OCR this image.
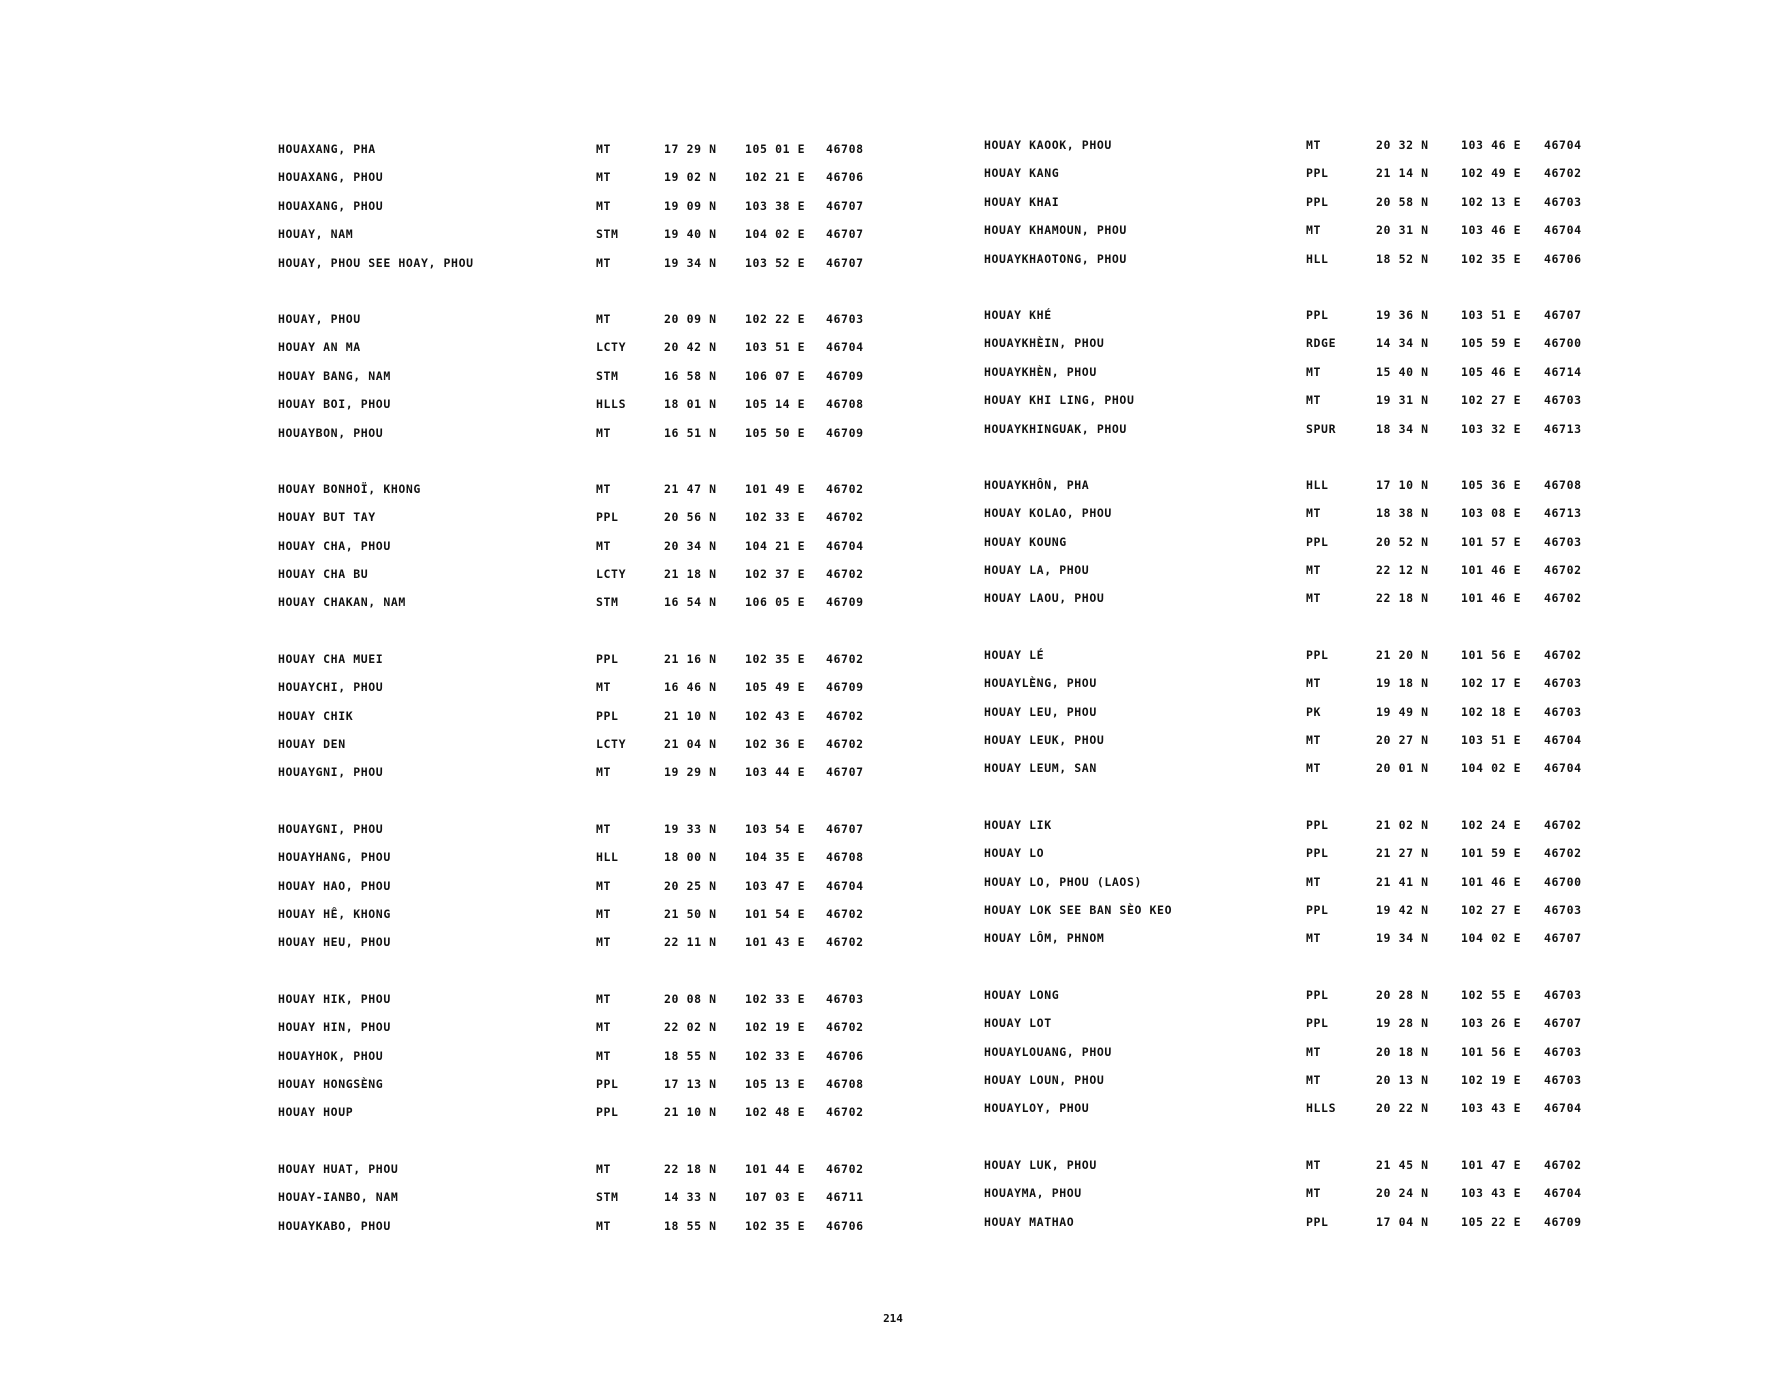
HOUAXANG, PHA	MT	17 29 N 105 01 E 46708
HOUAXANG, PHOU	MT	19 02 N 102 21 E 46706
HOUAXANG, PHOU	MT	19 09 N 103 38 E 46707
HOUAY, NAM	STM	19 40 N 104 02 E 46707
HOUAY, PHOU SEE HOAY, PHOU	MT	19 34 N 103 52 E 46707
HOUAY, PHOU	MT	20 09 N 102 22 E 46703
HOUAY AN MA	LCTY	20 42 N 103 51 E 46704
HOUAY BANG, NAM	STM	16 58 N 106 07 E 46709
HOUAY BOI, PHOU	HLLS	18 01 N 105 14 E 46708
HOUAYBON, PHOU	MT	16 51 N 105 50 E 46709
HOUAY BONHOÏ, KHONG	MT	21 47 N 101 49 E 46702
HOUAY BUT TAY	PPL	20 56 N 102 33 E 46702
HOUAY CHA, PHOU	MT	20 34 N 104 21 E 46704
HOUAY CHA BU	LCTY	21 18 N 102 37 E 46702
HOUAY CHAKAN, NAM	STM	16 54 N 106 05 E 46709
HOUAY CHA MUEI	PPL	21 16 N 102 35 E 46702
HOUAYCHI, PHOU	MT	16 46 N 105 49 E 46709
HOUAY CHIK	PPL	21 10 N 102 43 E 46702
HOUAY DEN	LCTY	21 04 N 102 36 E 46702
HOUAYGNI, PHOU	MT	19 29 N 103 44 E 46707
HOUAYGNI, PHOU	MT	19 33 N 103 54 E 46707
HOUAYHANG, PHOU	HLL	18 00 N 104 35 E 46708
HOUAY HAO, PHOU	MT	20 25 N 103 47 E 46704
HOUAY HÊ, KHONG	MT	21 50 N 101 54 E 46702
HOUAY HEU, PHOU	MT	22 11 N 101 43 E 46702
HOUAY HIK, PHOU	MT	20 08 N 102 33 E 46703
HOUAY HIN, PHOU	MT	22 02 N 102 19 E 46702
HOUAYHOK, PHOU	MT	18 55 N 102 33 E 46706
HOUAY HONGSÈNG	PPL	17 13 N 105 13 E 46708
HOUAY HOUP	PPL	21 10 N 102 48 E 46702
HOUAY HUAT, PHOU	MT	22 18 N 101 44 E 46702
HOUAY-IANBO, NAM	STM	14 33 N 107 03 E 46711
HOUAYKABO, PHOU	MT	18 55 N 102 35 E 46706
HOUAY KAOOK, PHOU	MT	20 32 N	103 46 E 46704
HOUAY KANG	PPL	21 14 N	102 49 E 46702
HOUAY KHAI	PPL	20 58 N	102 13 E 46703
HOUAY KHAMOUN, PHOU	MT	20 31 N	103 46 E 46704
HOUAYKHAOTONG, PHOU	HLL	18 52 N	102 35 E 46706
HOUAY KHÉ	PPL	19 36 N	103 51 E 46707
HOUAYKHÈIN, PHOU	RDGE	14 34 N	105 59 E 46700
HOUAYKHÈN, PHOU	MT	15 40 N	105 46 E 46714
HOUAY KHI LING, PHOU	MT	19 31 N	102 27 E 46703
HOUAYKHINGUAK, PHOU	SPUR	18 34 N	103 32 E 46713
HOUAYKHÔN, PHA	HLL	17 10 N	105 36 E 46708
HOUAY KOLAO, PHOU	MT	18 38 N	103 08 E 46713
HOUAY KOUNG	PPL	20 52 N	101 57 E 46703
HOUAY LA, PHOU	MT	22 12 N	101 46 E 46702
HOUAY LAOU, PHOU	MT	22 18 N	101 46 E 46702
HOUAY LÉ	PPL	21 20 N	101 56 E 46702
HOUAYLÈNG, PHOU	MT	19 18 N	102 17 E 46703
HOUAY LEU, PHOU	PK	19 49 N	102 18 E 46703
HOUAY LEUK, PHOU	MT	20 27 N	103 51 E 46704
HOUAY LEUM, SAN	MT	20 01 N	104 02 E 46704
HOUAY LIK	PPL	21 02 N	102 24 E 46702
HOUAY LO	PPL	21 27 N	101 59 E 46702
HOUAY LO, PHOU (LAOS)	MT	21 41 N	101 46 E 46700
HOUAY LOK SEE BAN SÈO KEO	PPL	19 42 N	102 27 E 46703
HOUAY LÔM, PHNOM	MT	19 34 N	104 02 E 46707
HOUAY LONG	PPL	20 28 N	102 55 E 46703
HOUAY LOT	PPL	19 28 N	103 26 E 46707
HOUAYLOUANG, PHOU	MT	20 18 N	101 56 E 46703
HOUAY LOUN, PHOU	MT	20 13 N	102 19 E 46703
HOUAYLOY, PHOU	HLLS	20 22 N	103 43 E 46704
HOUAY LUK, PHOU	MT	21 45 N	101 47 E 46702
HOUAYMA, PHOU	MT	20 24 N	103 43 E 46704
HOUAY MATHAO	PPL	17 04 N	105 22 E 46709
214
